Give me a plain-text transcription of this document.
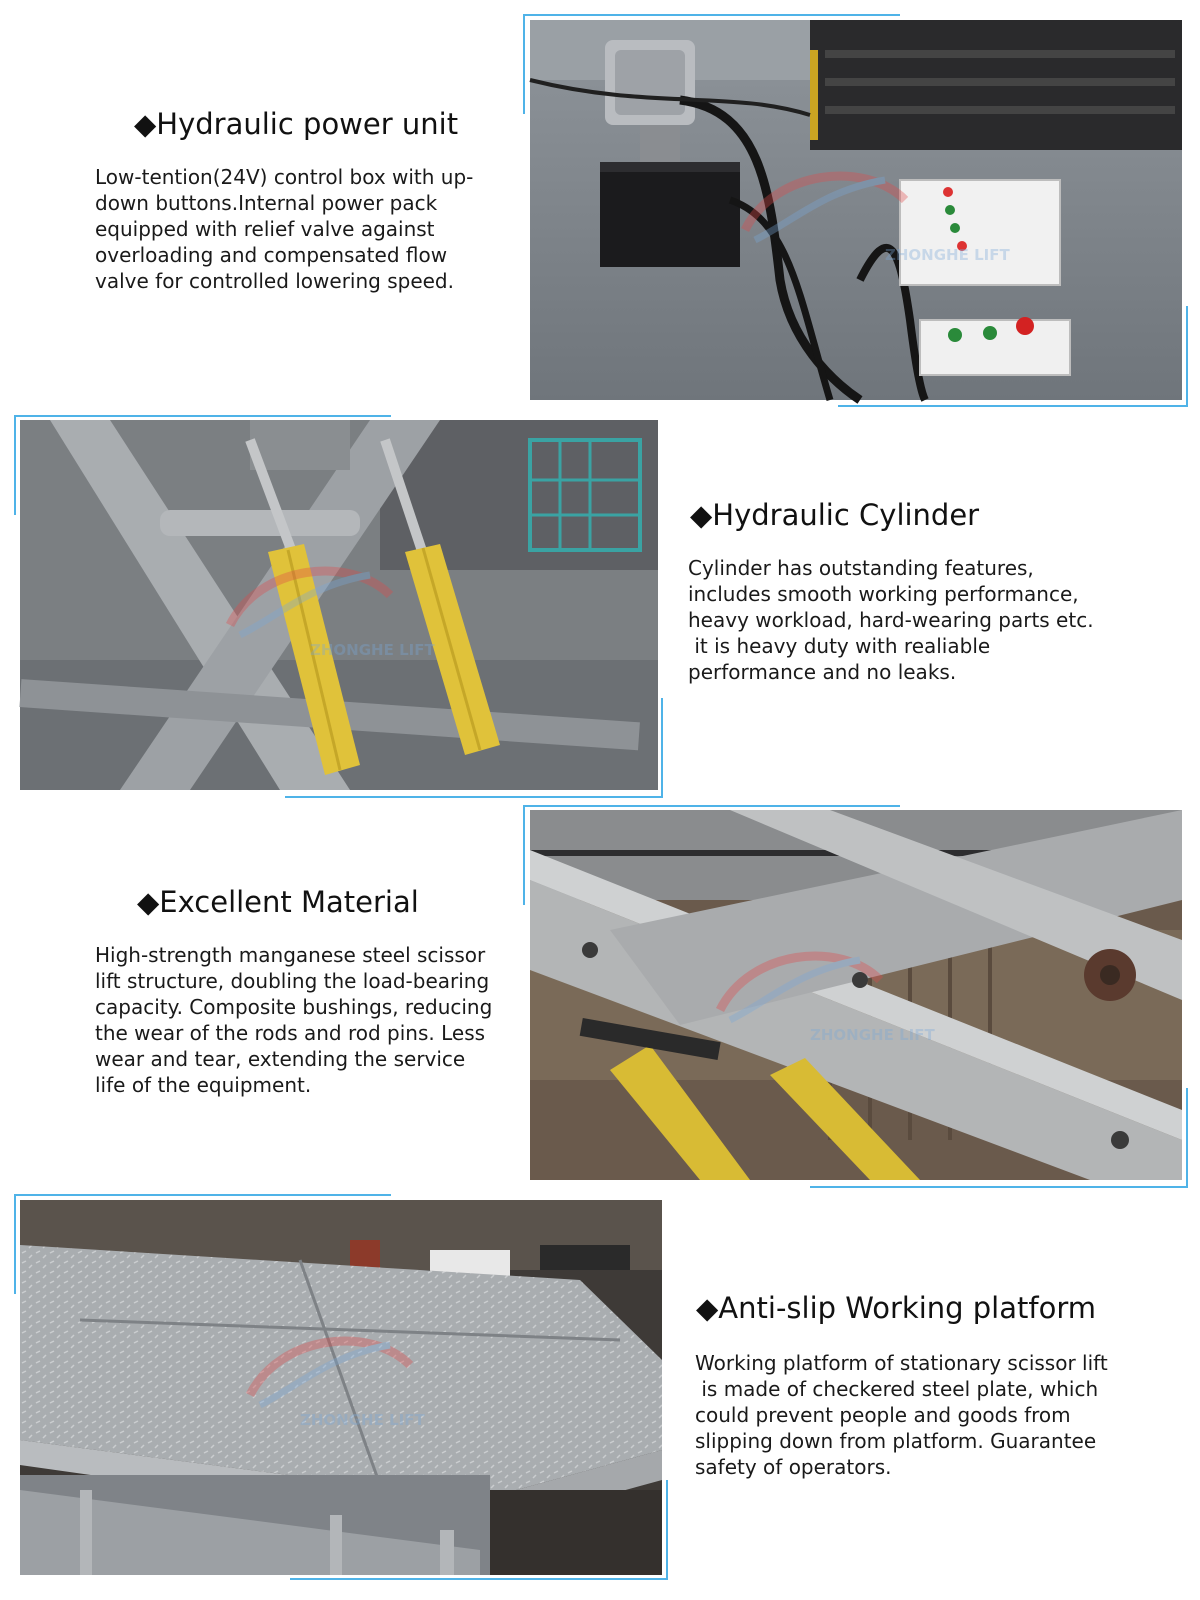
◆Hydraulic power unit
Low-tention(24V) control box with up-
down buttons.Internal power pack
equipped with relief valve against
overloading and compensated flow
valve for controlled lowering speed.
ZHONGHE LIFT
ZHONGHE LIFT
◆Hydraulic Cylinder
Cylinder has outstanding features,
includes smooth working performance,
heavy workload, hard-wearing parts etc.
it is heavy duty with realiable
performance and no leaks.
◆Excellent Material
High-strength manganese steel scissor
lift structure, doubling the load-bearing
capacity. Composite bushings, reducing
the wear of the rods and rod pins. Less
wear and tear, extending the service
life of the equipment.
ZHONGHE LIFT
ZHONGHE LIFT
◆Anti-slip Working platform
Working platform of stationary scissor lift
is made of checkered steel plate, which
could prevent people and goods from
slipping down from platform. Guarantee
safety of operators.
